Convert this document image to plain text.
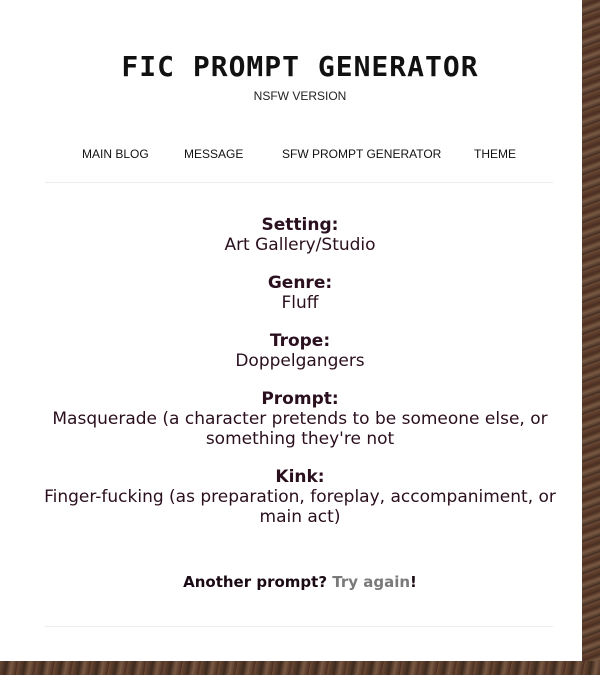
FIC PROMPT GENERATOR
NSFW VERSION
MAIN BLOG	MESSAGE	SFW PROMPT GENERATOR	THEME
Setting:
Art Gallery/Studio
Genre:
Fluff
Trope:
Doppelgangers
Prompt:
Masquerade (a character pretends to be someone else, or something they're not
Kink:
Finger-fucking (as preparation, foreplay, accompaniment, or main act)
Another prompt? Try again!
